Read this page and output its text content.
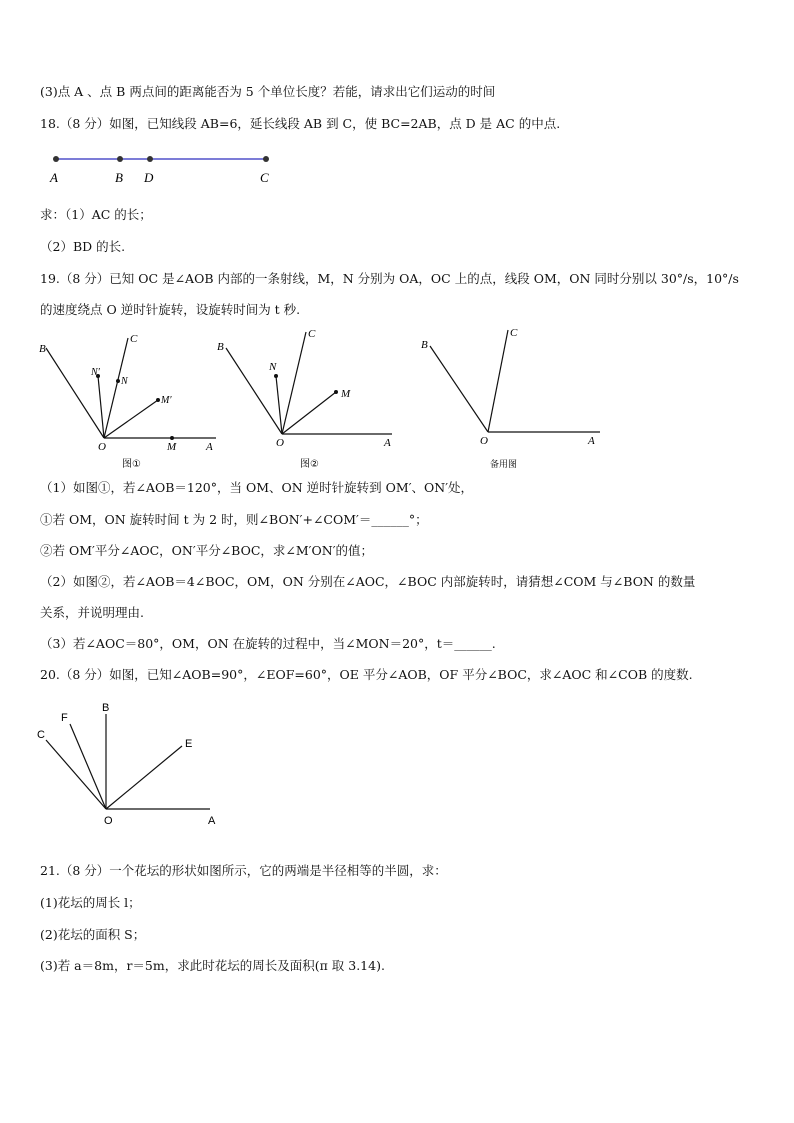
(3)点 A 、点 B 两点间的距离能否为 5 个单位长度？若能，请求出它们运动的时间
18.（8 分）如图，已知线段 AB=6，延长线段 AB 到 C，使 BC=2AB，点 D 是 AC 的中点.
A	B D	C
求：（1）AC 的长；
（2）BD 的长.
19.（8 分）已知 OC 是∠AOB 内部的一条射线，M，N 分别为 OA，OC 上的点，线段 OM，ON 同时分别以 30°/s，10°/s
的速度绕点 O 逆时针旋转，设旋转时间为 t 秒.
B
C
N′
N
M′
O	M	A
图①
B
C
N
M
O	A
图②
B
C
O	A
备用图
（1）如图①，若∠AOB＝120°，当 OM、ON 逆时针旋转到 OM′、ON′处，
①若 OM，ON 旋转时间 t 为 2 时，则∠BON′+∠COM′＝______°；
②若 OM′平分∠AOC，ON′平分∠BOC，求∠M′ON′的值；
（2）如图②，若∠AOB＝4∠BOC，OM，ON 分别在∠AOC，∠BOC 内部旋转时，请猜想∠COM 与∠BON 的数量
关系，并说明理由.
（3）若∠AOC＝80°，OM，ON 在旋转的过程中，当∠MON＝20°，t＝______.
20.（8 分）如图，已知∠AOB=90°，∠EOF=60°，OE 平分∠AOB，OF 平分∠BOC，求∠AOC 和∠COB 的度数.
C
F
B
E
O	A
21.（8 分）一个花坛的形状如图所示，它的两端是半径相等的半圆，求：
(1)花坛的周长 l；
(2)花坛的面积 S；
(3)若 a＝8m，r＝5m，求此时花坛的周长及面积(π 取 3.14).
